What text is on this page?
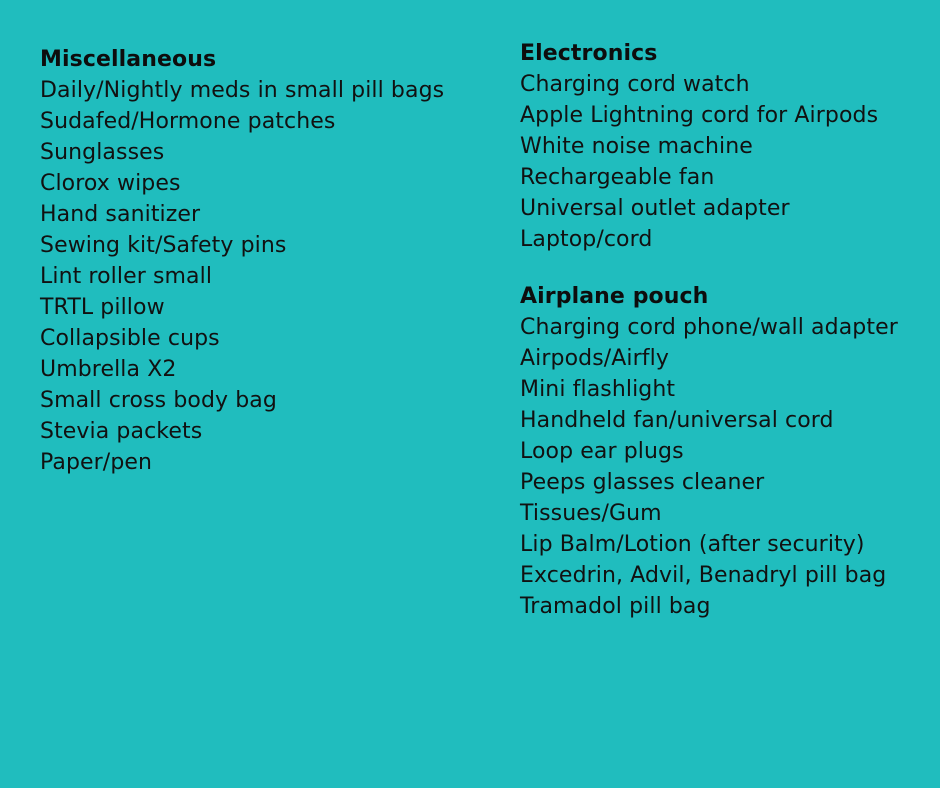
Miscellaneous
Daily/Nightly meds in small pill bags
Sudafed/Hormone patches
Sunglasses
Clorox wipes
Hand sanitizer
Sewing kit/Safety pins
Lint roller small
TRTL pillow
Collapsible cups
Umbrella X2
Small cross body bag
Stevia packets
Paper/pen
Electronics
Charging cord watch
Apple Lightning cord for Airpods
White noise machine
Rechargeable fan
Universal outlet adapter
Laptop/cord
Airplane pouch
Charging cord phone/wall adapter
Airpods/Airfly
Mini flashlight
Handheld fan/universal cord
Loop ear plugs
Peeps glasses cleaner
Tissues/Gum
Lip Balm/Lotion (after security)
Excedrin, Advil, Benadryl pill bag
Tramadol pill bag
